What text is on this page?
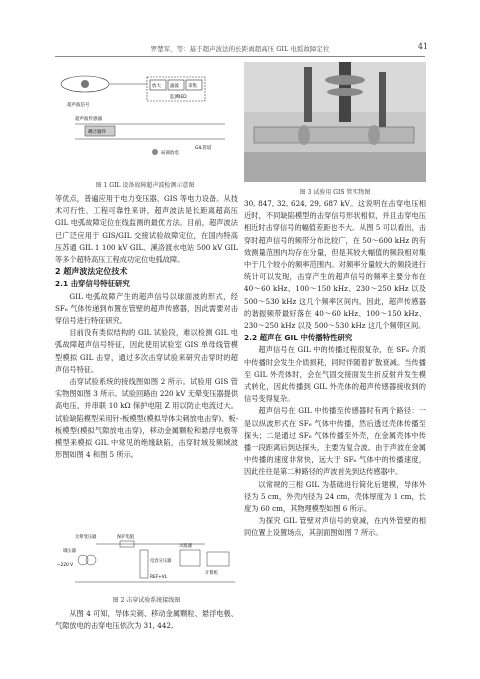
罗楚军，等：基于超声波法的长距离超高压 GIL 电弧故障定位	41
放大 滤波 采集
监测IED
超声波信号
耦合器件
超声波传感器
GIL管道
局部放电
图 1 GIL 设备故障超声波检测示意图
图 3 试验用 GIS 管实物图

等优点，普遍应用于电力变压器、GIS 等电力设备。从技术可行性、工程可靠性来讲，超声波法是长距离超高压 GIL 电弧故障定位在线监测的最优方法。目前，超声波法已广泛应用于 GIS/GIL 交接试验故障定位，在国内特高压苏通 GIL 1 100 kV GIL、溪洛渡水电站 500 kV GIL 等多个超特高压工程成功定位电弧故障。

2 超声波法定位技术

2.1 击穿信号特征研究

GIL 电弧故障产生的超声信号以球面波的形式，经 SF₆ 气体传递到布置在管壁的超声传感器，因此需要对击穿信号进行特征研究。

目前没有类似结构的 GIL 试验段，难以检测 GIL 电弧故障超声信号特征，因此使用试验室 GIS 单母线管模型模拟 GIL 击穿，通过多次击穿试验来研究击穿时的超声信号特征。

击穿试验系统的接线图如图 2 所示。试验用 GIS 管实物图如图 3 所示。试验回路由 220 kV 无晕变压器提供高电压，并串联 10 kΩ 保护电阻 Z 用以防止电流过大。试验缺陷模型采用针-板模型(模拟导体尖刺放电击穿)、板-板模型(模拟气隙放电击穿)，移动金属颗粒和悬浮电极等模型来模拟 GIL 中常见的绝缘缺陷，击穿时域及频域波形图如图 4 和图 5 所示。

无晕变压器	保护电阻
~220 V
调压器
电容分压器
REF+VL
示波器
计算机
图 2 击穿试验系统接线图

从图 4 可知，导体尖刺、移动金属颗粒、悬浮电极、气隙放电的击穿电压依次为 31, 442,

30, 847, 32, 624, 29, 687 kV。这说明在击穿电压相近时，不同缺陷模型的击穿信号形状相似，并且击穿电压相近时击穿信号的幅值差距也不大。从图 5 可以看出，击穿时超声信号的频带分布比较广，在 50～600 kHz 的有效测量范围内均存在分量，但是其较大幅值的频段相对集中于几个较小的频率范围内。对频率分量较大的频段进行统计可以发现，击穿产生的超声信号的频率主要分布在 40～60 kHz、100～150 kHz、230～250 kHz 以及 500～530 kHz 这几个频率区间内。因此，超声传感器的谐振频带最好落在 40～60 kHz、100～150 kHz、230～250 kHz 以及 500～530 kHz 这几个频带区间。

2.2 超声在 GIL 中传播特性研究

超声信号在 GIL 中的传播过程很复杂，在 SF₆ 介质中传播时会发生介质损耗，同时伴随着扩散衰减。当传播至 GIL 外壳体时，会在气固交接面发生折反射并发生模式转化，因此传播到 GIL 外壳体的超声传感器接收到的信号变得复杂。

超声信号在 GIL 中传播至传感器时有两个路径：一是以纵波形式在 SF₆ 气体中传播，然后透过壳体传播至探头；二是通过 SF₆ 气体传播至外壳，在金属壳体中传播一段距离后到达探头，主要为复合波。由于声波在金属中传播的速度非常快，远大于 SF₆ 气体中的传播速度，因此往往是第二种路径的声波首先到达传感器中。

以常规的三相 GIL 为基础进行简化后建模，导体外径为 5 cm，外壳内径为 24 cm，壳体厚度为 1 cm，长度为 60 cm，其物理模型如图 6 所示。

为探究 GIL 管壁对声信号的衰减，在内外管壁的相同位置上设置场点，其剖面图如图 7 所示。
